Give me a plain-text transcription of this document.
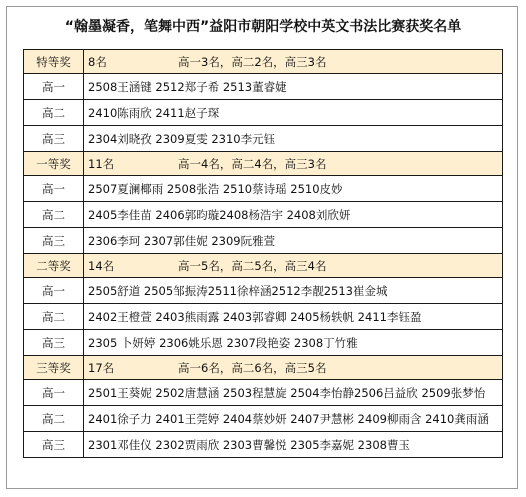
“翰墨凝香，笔舞中西”益阳市朝阳学校中英文书法比赛获奖名单
特等奖	8名 高一3名，高二2名，高三3名
高一	2508王涵键 2512郑子希 2513董睿婕
高二	2410陈雨欣 2411赵子琛
高三	2304刘晓孜 2309夏雯 2310李元钰
一等奖	11名 高一4名，高二4名，高三3名
高一	2507夏澜椰雨 2508张浩 2510蔡诗瑶 2510皮妙
高二	2405李佳苗 2406郭昀璇2408杨浩宇 2408刘欣妍
高三	2306李珂 2307郭佳妮 2309阮雅萱
二等奖	14名 高一5名，高二5名，高三4名
高一	2505舒道 2505邹振涛2511徐梓涵2512李靓2513崔金城
高二	2402王橙萱 2403熊雨露 2403郭睿卿 2405杨轶帆 2411李钰盈
高三	2305 卜妍婷 2306姚乐恩 2307段艳姿 2308丁竹雅
三等奖	17名 高一6名，高二6名，高三5名
高一	2501王葵妮 2502唐慧涵 2503程慧旋 2504李怡静2506吕益欣 2509张梦怡
高二	2401徐子力 2401王莞婷 2404蔡妙妍 2407尹慧彬 2409柳雨含 2410龚雨涵
高三	2301邓佳仪 2302贾雨欣 2303曹馨悦 2305李嘉妮 2308曹玉
